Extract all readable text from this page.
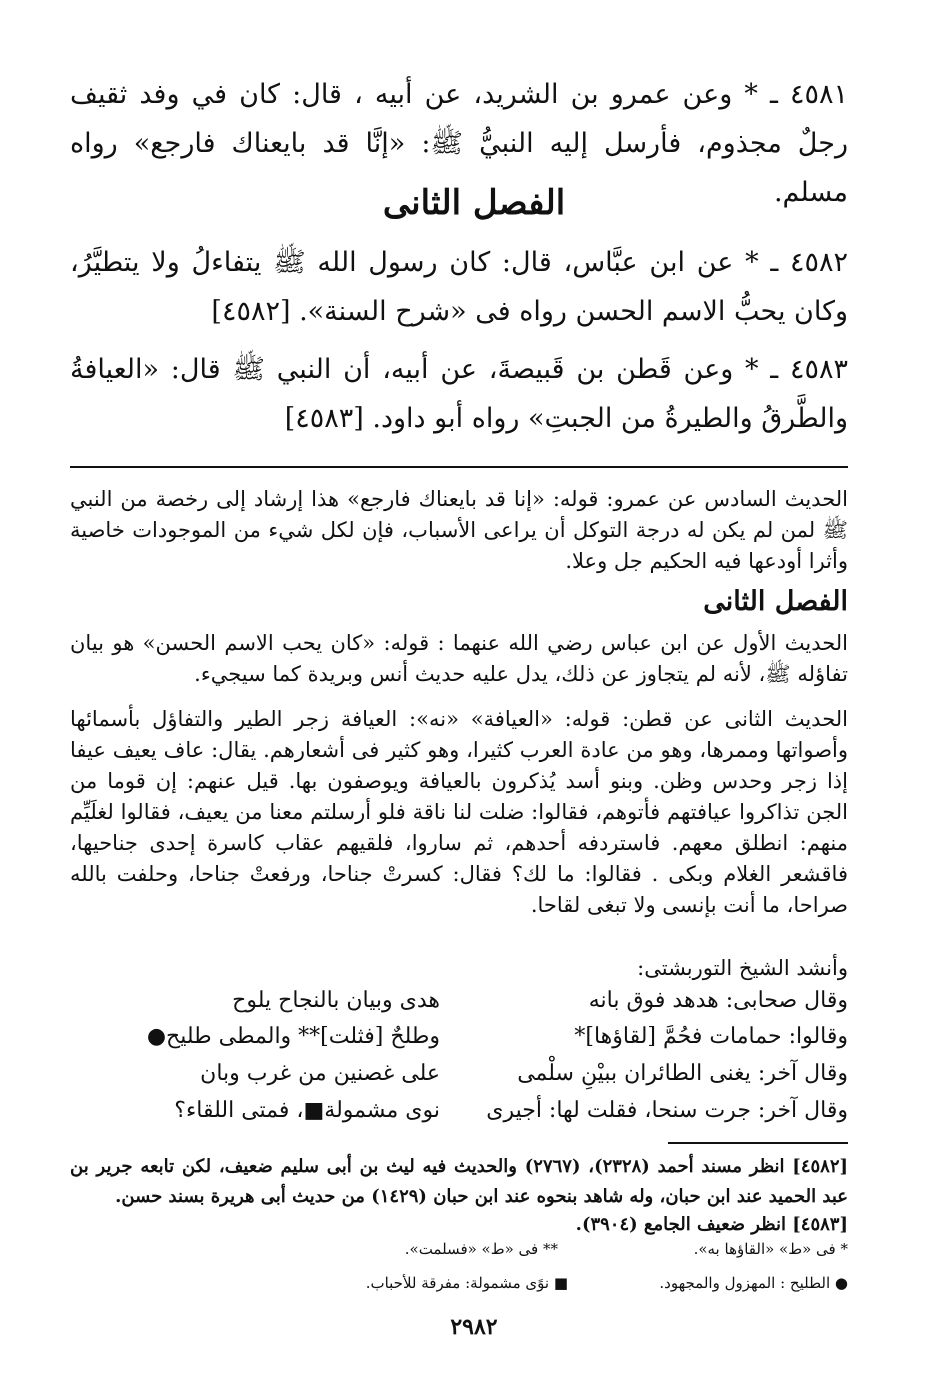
٤٥٨١ ـ * وعن عمرو بن الشريد، عن أبيه ، قال: كان في وفد ثقيف رجلٌ مجذوم، فأرسل إليه النبيُّ ﷺ: «إنَّا قد بايعناك فارجع» رواه مسلم.
الفصل الثانى
٤٥٨٢ ـ * عن ابن عبَّاس، قال: كان رسول الله ﷺ يتفاءلُ ولا يتطيَّرُ، وكان يحبُّ الاسم الحسن رواه فى «شرح السنة». [٤٥٨٢]
٤٥٨٣ ـ * وعن قَطن بن قَبيصةَ، عن أبيه، أن النبي ﷺ قال: «العيافةُ والطَّرقُ والطيرةُ من الجبتِ» رواه أبو داود. [٤٥٨٣]
الحديث السادس عن عمرو: قوله: «إنا قد بايعناك فارجع» هذا إرشاد إلى رخصة من النبي ﷺ لمن لم يكن له درجة التوكل أن يراعى الأسباب، فإن لكل شيء من الموجودات خاصية وأثرا أودعها فيه الحكيم جل وعلا.
الفصل الثانى
الحديث الأول عن ابن عباس رضي الله عنهما : قوله: «كان يحب الاسم الحسن» هو بيان تفاؤله ﷺ، لأنه لم يتجاوز عن ذلك، يدل عليه حديث أنس وبريدة كما سيجيء.
الحديث الثانى عن قطن: قوله: «العيافة» «نه»: العيافة زجر الطير والتفاؤل بأسمائها وأصواتها وممرها، وهو من عادة العرب كثيرا، وهو كثير فى أشعارهم. يقال: عاف يعيف عيفا إذا زجر وحدس وظن. وبنو أسد يُذكرون بالعيافة ويوصفون بها. قيل عنهم: إن قوما من الجن تذاكروا عيافتهم فأتوهم، فقالوا: ضلت لنا ناقة فلو أرسلتم معنا من يعيف، فقالوا لغلَيِّم منهم: انطلق معهم. فاستردفه أحدهم، ثم ساروا، فلقيهم عقاب كاسرة إحدى جناحيها، فاقشعر الغلام وبكى . فقالوا: ما لك؟ فقال: كسرتْ جناحا، ورفعتْ جناحا، وحلفت بالله صراحا، ما أنت بإنسى ولا تبغى لقاحا.
وأنشد الشيخ التوربشتى:
وقال صحابى: هدهد فوق بانه
هدى وبيان بالنجاح يلوح
وقالوا: حمامات فحُمَّ [لقاؤها]*
وطلحٌ [فثلت]** والمطى طليح●
وقال آخر: يغنى الطائران ببيْنِ سلْمى
على غصنين من غرب وبان
وقال آخر: جرت سنحا، فقلت لها: أجيرى
نوى مشمولة■، فمتى اللقاء؟
[٤٥٨٢] انظر مسند أحمد (٢٣٢٨)، (٢٧٦٧) والحديث فيه ليث بن أبى سليم ضعيف، لكن تابعه جرير بن عبد الحميد عند ابن حبان، وله شاهد بنحوه عند ابن حبان (١٤٢٩) من حديث أبى هريرة بسند حسن.
[٤٥٨٣] انظر ضعيف الجامع (٣٩٠٤).
* فى «ط» «القاؤها به».
** فى «ط» «فسلمت».
● الطليح : المهزول والمجهود.
■ نوًى مشمولة: مفرقة للأحباب.
٢٩٨٢
